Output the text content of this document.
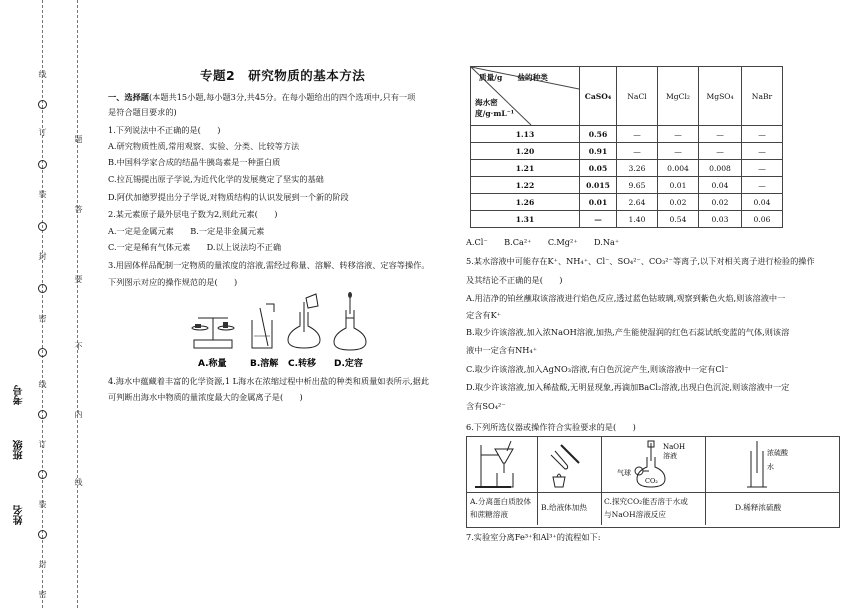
线
订
装
封
密
线
订
装
封
密
题
答
要
不
内
线
考号
班级
姓名
专题2　研究物质的基本方法
一、选择题(本题共15小题,每小题3分,共45分。在每小题给出的四个选项中,只有一项
是符合题目要求的)
1.下列说法中不正确的是(　　)
A.研究物质性质,常用观察、实验、分类、比较等方法
B.中国科学家合成的结晶牛胰岛素是一种蛋白质
C.拉瓦锡提出原子学说,为近代化学的发展奠定了坚实的基础
D.阿伏加德罗提出分子学说,对物质结构的认识发展到一个新的阶段
2.某元素原子最外层电子数为2,则此元素(　　)
A.一定是金属元素　　B.一定是非金属元素
C.一定是稀有气体元素　　D.以上说法均不正确
3.用固体样品配制一定物质的量浓度的溶液,需经过称量、溶解、转移溶液、定容等操作。
下列图示对应的操作规范的是(　　)
A.称量	B.溶解 C.转移 D.定容
4.海水中蕴藏着丰富的化学资源,1 L海水在浓缩过程中析出盐的种类和质量如表所示,据此
可判断出海水中物质的量浓度最大的金属离子是(　　)
质量/g　　盐的种类
海水密度/g·mL⁻¹	CaSO₄	NaCl	MgCl₂	MgSO₄	NaBr
1.13	0.56	—	—	—	—
1.20	0.91	—	—	—	—
1.21	0.05	3.26	0.004	0.008	—
1.22	0.015	9.65	0.01	0.04	—
1.26	0.01	2.64	0.02	0.02	0.04
1.31	—	1.40	0.54	0.03	0.06
A.Cl⁻　　B.Ca²⁺　　C.Mg²⁺　　D.Na⁺
5.某水溶液中可能存在K⁺、NH₄⁺、Cl⁻、SO₄²⁻、CO₃²⁻等离子,以下对相关离子进行检验的操作
及其结论不正确的是(　　)
A.用洁净的铂丝蘸取该溶液进行焰色反应,透过蓝色钴玻璃,观察到紫色火焰,则该溶液中一
定含有K⁺
B.取少许该溶液,加入浓NaOH溶液,加热,产生能使湿润的红色石蕊试纸变蓝的气体,则该溶
液中一定含有NH₄⁺
C.取少许该溶液,加入AgNO₃溶液,有白色沉淀产生,则该溶液中一定有Cl⁻
D.取少许该溶液,加入稀盐酸,无明显现象,再滴加BaCl₂溶液,出现白色沉淀,则该溶液中一定
含有SO₄²⁻
6.下列所选仪器或操作符合实验要求的是(　　)
NaOH
溶液
气球
CO₂
浓硫酸
水
A.分离蛋白质胶体
和蔗糖溶液
B.给液体加热
C.探究CO₂能否溶于水或
与NaOH溶液反应
D.稀释浓硫酸
7.实验室分离Fe³⁺和Al³⁺的流程如下:
